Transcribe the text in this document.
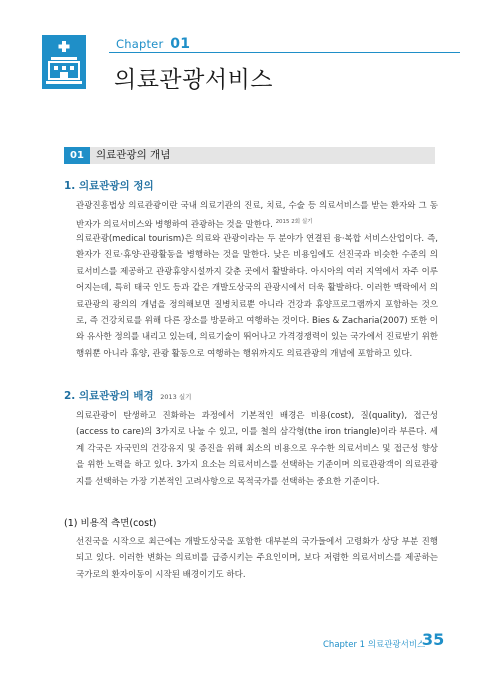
Chapter 01
의료관광서비스
01	의료관광의 개념
1. 의료관광의 정의
관광진흥법상 의료관광이란 국내 의료기관의 진료, 치료, 수술 등 의료서비스를 받는 환자와 그 동반자가 의료서비스와 병행하여 관광하는 것을 말한다. $^{2015 2회 실기}$
의료관광(medical tourism)은 의료와 관광이라는 두 분야가 연결된 융·복합 서비스산업이다. 즉, 환자가 진료·휴양·관광활동을 병행하는 것을 말한다. 낮은 비용임에도 선진국과 비슷한 수준의 의료서비스를 제공하고 관광휴양시설까지 갖춘 곳에서 활발하다. 아시아의 여러 지역에서 자주 이루어지는데, 특히 태국 인도 등과 같은 개발도상국의 관광시에서 더욱 활발하다. 이러한 맥락에서 의료관광의 광의의 개념을 정의해보면 질병치료뿐 아니라 건강과 휴양프로그램까지 포함하는 것으로, 즉 건강치료를 위해 다른 장소를 방문하고 여행하는 것이다. Bies & Zacharia(2007) 또한 이와 유사한 정의를 내리고 있는데, 의료기술이 뛰어나고 가격경쟁력이 있는 국가에서 진료받기 위한 행위뿐 아니라 휴양, 관광 활동으로 여행하는 행위까지도 의료관광의 개념에 포함하고 있다.
2. 의료관광의 배경 2013 실기
의료관광이 탄생하고 진화하는 과정에서 기본적인 배경은 비용(cost), 질(quality), 접근성(access to care)의 3가지로 나눌 수 있고, 이를 철의 삼각형(the iron triangle)이라 부른다. 세계 각국은 자국민의 건강유지 및 증진을 위해 최소의 비용으로 우수한 의료서비스 및 접근성 향상을 위한 노력을 하고 있다. 3가지 요소는 의료서비스를 선택하는 기준이며 의료관광객이 의료관광지를 선택하는 가장 기본적인 고려사항으로 목적국가를 선택하는 중요한 기준이다.
(1) 비용적 측면(cost)
선진국을 시작으로 최근에는 개발도상국을 포함한 대부분의 국가들에서 고령화가 상당 부분 진행되고 있다. 이러한 변화는 의료비를 급증시키는 주요인이며, 보다 저렴한 의료서비스를 제공하는 국가로의 환자이동이 시작된 배경이기도 하다.
Chapter 1 의료관광서비스
35
